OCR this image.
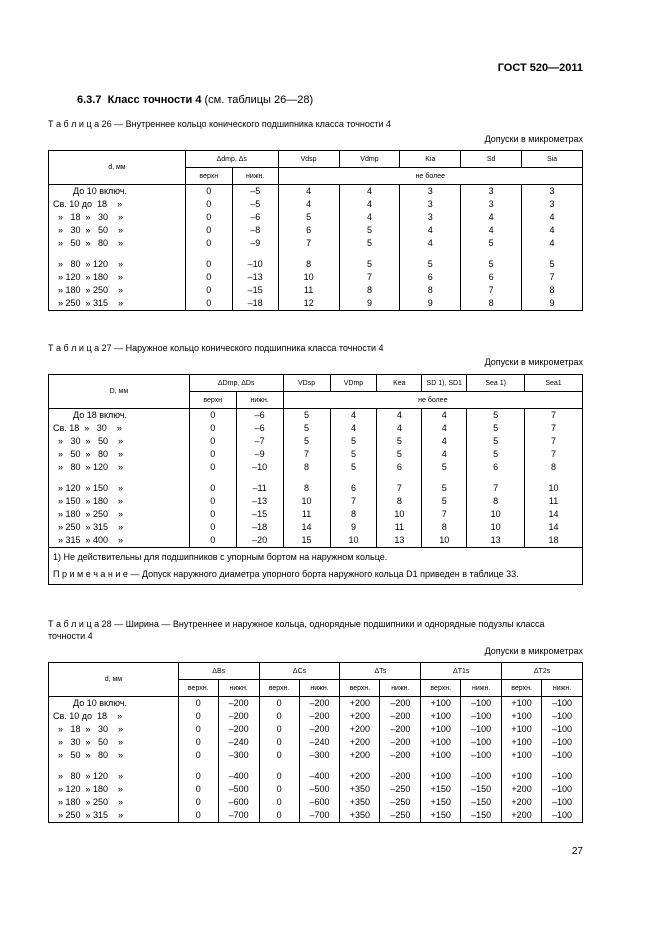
ГОСТ 520—2011
6.3.7 Класс точности 4 (см. таблицы 26—28)
Т а б л и ц а 26 — Внутреннее кольцо конического подшипника класса точности 4
Допуски в микрометрах
d, мм	Δdmp, Δs		Vdsp	Vdmp	Kia	Sd	Sia
	верхн	нижн.	не более				
До 10 включ.	0	–5	4	4	3	3	3
Св. 10 до  18    »	0	–5	4	4	3	3	3
»   18  »   30    »	0	–6	5	4	3	4	4
»   30  »   50    »	0	–8	6	5	4	4	4
»   50  »   80    »	0	–9	7	5	4	5	4

»   80  » 120    »	0	–10	8	5	5	5	5
» 120  » 180    »	0	–13	10	7	6	6	7
» 180  » 250    »	0	–15	11	8	8	7	8
» 250  » 315    »	0	–18	12	9	9	8	9
Т а б л и ц а 27 — Наружное кольцо конического подшипника класса точности 4
Допуски в микрометрах
D, мм	ΔDmp, ΔDs		VDsp	VDmp	Kea	SD 1), SD1	Sea 1)	Sea1
	верхн	нижн.	не более					
До 18 включ.	0	–6	5	4	4	4	5	7
Св. 18  »   30    »	0	–6	5	4	4	4	5	7
»   30  »   50    »	0	–7	5	5	5	4	5	7
»   50  »   80    »	0	–9	7	5	5	4	5	7
»   80  » 120    »	0	–10	8	5	6	5	6	8

» 120  » 150    »	0	–11	8	6	7	5	7	10
» 150  » 180    »	0	–13	10	7	8	5	8	11
» 180  » 250    »	0	–15	11	8	10	7	10	14
» 250  » 315    »	0	–18	14	9	11	8	10	14
» 315  » 400    »	0	–20	15	10	13	10	13	18

1) Не действительны для подшипников с упорным бортом на наружном кольце.
П р и м е ч а н и е — Допуск наружного диаметра упорного борта наружного кольца D1 приведен в таблице 33.								
Т а б л и ц а 28 — Ширина — Внутреннее и наружное кольца, однорядные подшипники и однорядные подузлы класса точности 4
Допуски в микрометрах
d, мм	ΔBs		ΔCs		ΔTs		ΔT1s		ΔT2s	
	верхн.	нижн.	верхн.	нижн.	верхн.	нижн.	верхн.	нижн.	верхн.	нижн.
До 10 включ.	0	–200	0	–200	+200	–200	+100	–100	+100	–100
Св. 10 до  18    »	0	–200	0	–200	+200	–200	+100	–100	+100	–100
»   18  »   30    »	0	–200	0	–200	+200	–200	+100	–100	+100	–100
»   30  »   50    »	0	–240	0	–240	+200	–200	+100	–100	+100	–100
»   50  »   80    »	0	–300	0	–300	+200	–200	+100	–100	+100	–100

»   80  » 120    »	0	–400	0	–400	+200	–200	+100	–100	+100	–100
» 120  » 180    »	0	–500	0	–500	+350	–250	+150	–150	+200	–100
» 180  » 250    »	0	–600	0	–600	+350	–250	+150	–150	+200	–100
» 250  » 315    »	0	–700	0	–700	+350	–250	+150	–150	+200	–100
27
